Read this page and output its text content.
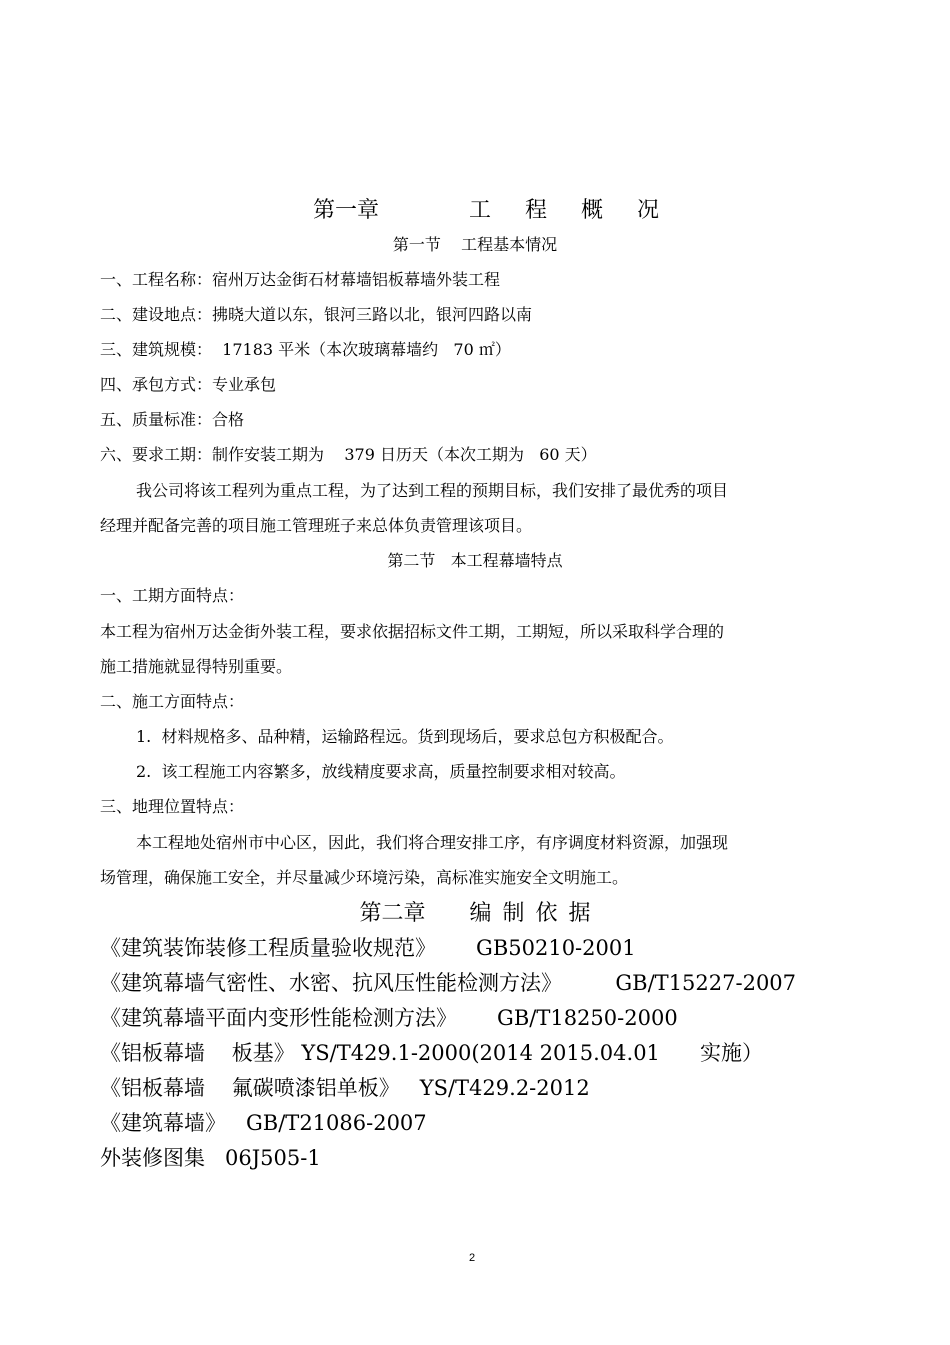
第一章	工  程  概  况
第一节    工程基本情况
一、工程名称：宿州万达金街石材幕墙铝板幕墙外装工程
二、建设地点：拂晓大道以东，银河三路以北，银河四路以南
三、建筑规模：  17183 平米（本次玻璃幕墙约   70 ㎡）
四、承包方式：专业承包
五、质量标准：合格
六、要求工期：制作安装工期为    379 日历天（本次工期为   60 天）
我公司将该工程列为重点工程，为了达到工程的预期目标，我们安排了最优秀的项目
经理并配备完善的项目施工管理班子来总体负责管理该项目。
第二节   本工程幕墙特点
一、工期方面特点：
本工程为宿州万达金街外装工程，要求依据招标文件工期，工期短，所以采取科学合理的
施工措施就显得特别重要。
二、施工方面特点：
1.  材料规格多、品种精，运输路程远。货到现场后，要求总包方积极配合。
2.  该工程施工内容繁多，放线精度要求高，质量控制要求相对较高。
三、地理位置特点：
本工程地处宿州市中心区，因此，我们将合理安排工序，有序调度材料资源，加强现
场管理，确保施工安全，并尽量减少环境污染，高标准实施安全文明施工。
第二章    编 制 依 据
《建筑装饰装修工程质量验收规范》      GB50210-2001
《建筑幕墙气密性、水密、抗风压性能检测方法》        GB/T15227-2007
《建筑幕墙平面内变形性能检测方法》      GB/T18250-2000
《铝板幕墙    板基》 YS/T429.1-2000(2014 2015.04.01      实施）
《铝板幕墙    氟碳喷漆铝单板》   YS/T429.2-2012
《建筑幕墙》   GB/T21086-2007
外装修图集   06J505-1
2
